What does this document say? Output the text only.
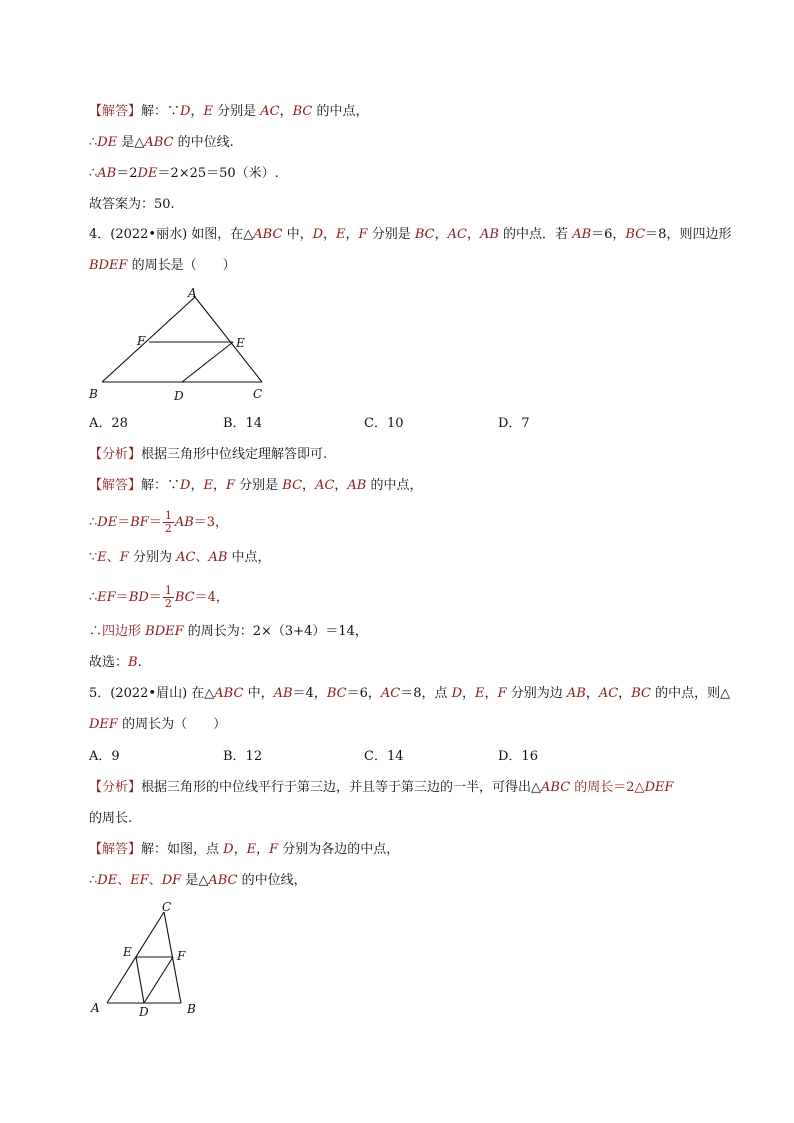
【解答】解：∵D，E 分别是 AC，BC 的中点，
∴DE 是△ABC 的中位线.
∴AB＝2DE＝2×25＝50（米）.
故答案为：50.
4．(2022•丽水) 如图，在△ABC 中，D，E，F 分别是 BC，AC，AB 的中点．若 AB＝6，BC＝8，则四边形
BDEF 的周长是（　　）
A
F	E
B	D	C
A．28	B．14	C．10	D．7
【分析】根据三角形中位线定理解答即可.
【解答】解：∵D，E，F 分别是 BC，AC，AB 的中点，
∴DE＝BF＝ $\frac{1}{2} AB=3$，
∵E、F 分别为 AC、AB 中点，
∴EF＝BD＝ $\frac{1}{2} BC=4$，
∴四边形 BDEF 的周长为：2×（3+4）＝14，
故选：B.
5．(2022•眉山) 在△ABC 中，AB＝4，BC＝6，AC＝8，点 D，E，F 分别为边 AB，AC，BC 的中点，则△
DEF 的周长为（　　）
A．9	B．12	C．14	D．16
【分析】根据三角形的中位线平行于第三边，并且等于第三边的一半，可得出△ABC 的周长＝2△DEF
的周长.
【解答】解：如图，点 D，E，F 分别为各边的中点，
∴DE、EF、DF 是△ABC 的中位线，
C
E	F
A	D	B
